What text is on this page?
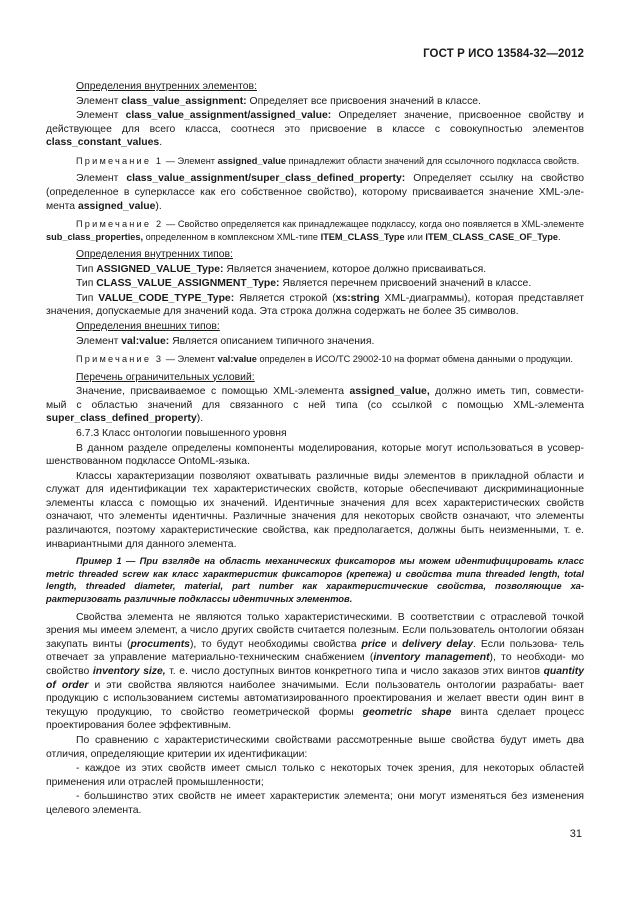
ГОСТ Р ИСО 13584-32—2012

Определения внутренних элементов:

Элемент class_value_assignment: Определяет все присвоения значений в классе.

Элемент class_value_assignment/assigned_value: Определяет значение, присвоенное свойству и действующее для всего класса, соотнеся это присвоение в классе с совокупностью элементов class_constant_values.

Примечание 1 — Элемент assigned_value принадлежит области значений для ссылочного подкласса свойств.

Элемент class_value_assignment/super_class_defined_property: Определяет ссылку на свойство (определенное в суперклассе как его собственное свойство), которому присваивается значение XML-эле- мента assigned_value).

Примечание 2 — Свойство определяется как принадлежащее подклассу, когда оно появляется в XML-элементе sub_class_properties, определенном в комплексном XML-типе ITEM_CLASS_Type или ITEM_CLASS_CASE_OF_Type.

Определения внутренних типов:

Тип ASSIGNED_VALUE_Type: Является значением, которое должно присваиваться.

Тип CLASS_VALUE_ASSIGNMENT_Type: Является перечнем присвоений значений в классе.

Тип VALUE_CODE_TYPE_Type: Является строкой (xs:string XML-диаграммы), которая представляет значения, допускаемые для значений кода. Эта строка должна содержать не более 35 символов.

Определения внешних типов:

Элемент val:value: Является описанием типичного значения.

Примечание 3 — Элемент val:value определен в ИСО/ТС 29002-10 на формат обмена данными о продукции.

Перечень ограничительных условий:

Значение, присваиваемое с помощью XML-элемента assigned_value, должно иметь тип, совмести- мый с областью значений для связанного с ней типа (со ссылкой с помощью XML-элемента super_class_defined_property).

6.7.3 Класс онтологии повышенного уровня

В данном разделе определены компоненты моделирования, которые могут использоваться в усовер- шенствованном подклассе OntoML-языка.

Классы характеризации позволяют охватывать различные виды элементов в прикладной области и служат для идентификации тех характеристических свойств, которые обеспечивают дискриминационные элементы класса с помощью их значений. Идентичные значения для всех характеристических свойств означают, что элементы идентичны. Различные значения для некоторых свойств означают, что элементы различаются, поэтому характеристические свойства, как предполагается, должны быть неизменными, т. е. инвариантными для данного элемента.

Пример 1 — При взгляде на область механических фиксаторов мы можем идентифицировать класс metric threaded screw как класс характеристик фиксаторов (крепежа) и свойства типа threaded length, total length, threaded diameter, material, part number как характеристические свойства, позволяющие ха- рактеризовать различные подклассы идентичных элементов.

Свойства элемента не являются только характеристическими. В соответствии с отраслевой точкой зрения мы имеем элемент, а число других свойств считается полезным. Если пользователь онтологии обязан закупать винты (procuments), то будут необходимы свойства price и delivery delay. Если пользова- тель отвечает за управление материально-техническим снабжением (inventory management), то необходи- мо свойство inventory size, т. е. число доступных винтов конкретного типа и число заказов этих винтов quantity of order и эти свойства являются наиболее значимыми. Если пользователь онтологии разрабаты- вает продукцию с использованием системы автоматизированного проектирования и желает ввести один винт в текущую продукцию, то свойство геометрической формы geometric shape винта сделает процесс проектирования более эффективным.

По сравнению с характеристическими свойствами рассмотренные выше свойства будут иметь два отличия, определяющие критерии их идентификации:

- каждое из этих свойств имеет смысл только с некоторых точек зрения, для некоторых областей применения или отраслей промышленности;

- большинство этих свойств не имеет характеристик элемента; они могут изменяться без изменения целевого элемента.

31
